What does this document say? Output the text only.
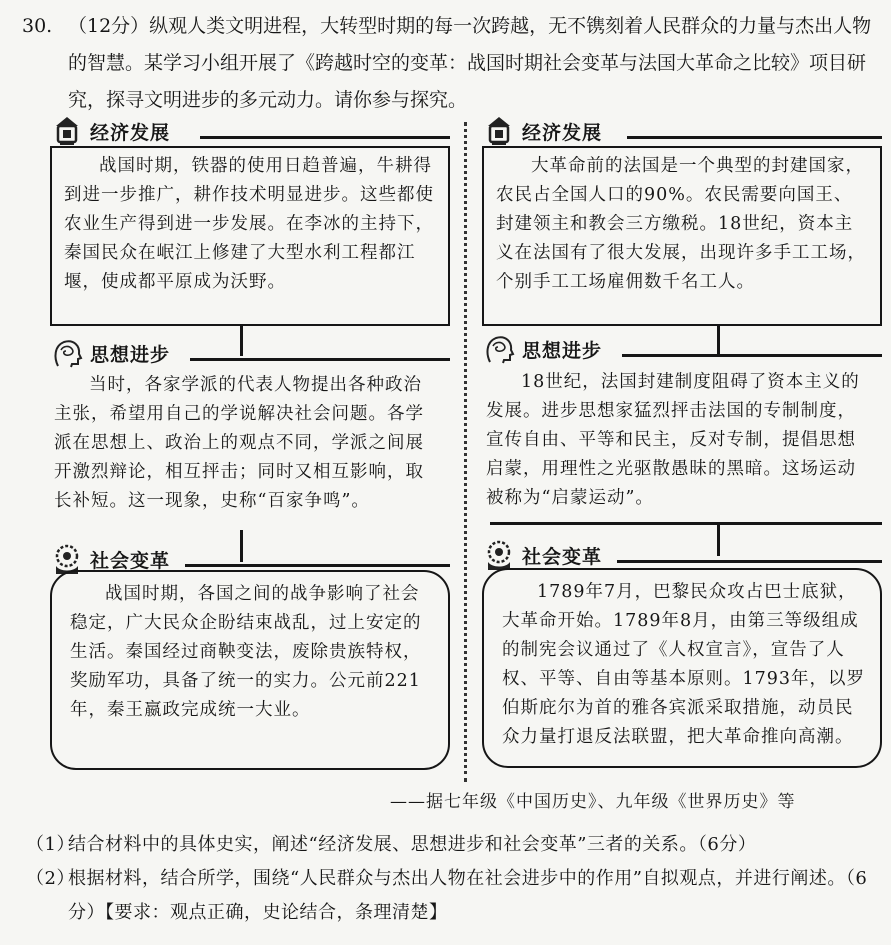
30. （12分）纵观人类文明进程，大转型时期的每一次跨越，无不镌刻着人民群众的力量与杰出人物的智慧。某学习小组开展了《跨越时空的变革：战国时期社会变革与法国大革命之比较》项目研究，探寻文明进步的多元动力。请你参与探究。
经济发展

战国时期，铁器的使用日趋普遍，牛耕得到进一步推广，耕作技术明显进步。这些都使农业生产得到进一步发展。在李冰的主持下，秦国民众在岷江上修建了大型水利工程都江堰，使成都平原成为沃野。

思想进步

当时，各家学派的代表人物提出各种政治主张，希望用自己的学说解决社会问题。各学派在思想上、政治上的观点不同，学派之间展开激烈辩论，相互抨击；同时又相互影响，取长补短。这一现象，史称“百家争鸣”。

社会变革

战国时期，各国之间的战争影响了社会稳定，广大民众企盼结束战乱，过上安定的生活。秦国经过商鞅变法，废除贵族特权，奖励军功，具备了统一的实力。公元前221年，秦王嬴政完成统一大业。

经济发展

大革命前的法国是一个典型的封建国家，农民占全国人口的90%。农民需要向国王、封建领主和教会三方缴税。18世纪，资本主义在法国有了很大发展，出现许多手工工场，个别手工工场雇佣数千名工人。

思想进步

18世纪，法国封建制度阻碍了资本主义的发展。进步思想家猛烈抨击法国的专制制度，宣传自由、平等和民主，反对专制，提倡思想启蒙，用理性之光驱散愚昧的黑暗。这场运动被称为“启蒙运动”。

社会变革

1789年7月，巴黎民众攻占巴士底狱，大革命开始。1789年8月，由第三等级组成的制宪会议通过了《人权宣言》，宣告了人权、平等、自由等基本原则。1793年，以罗伯斯庇尔为首的雅各宾派采取措施，动员民众力量打退反法联盟，把大革命推向高潮。

——据七年级《中国历史》、九年级《世界历史》等
（1）
结合材料中的具体史实，阐述“经济发展、思想进步和社会变革”三者的关系。（6分）
（2）
根据材料，结合所学，围绕“人民群众与杰出人物在社会进步中的作用”自拟观点，并进行阐述。（6分）【要求：观点正确，史论结合，条理清楚】
